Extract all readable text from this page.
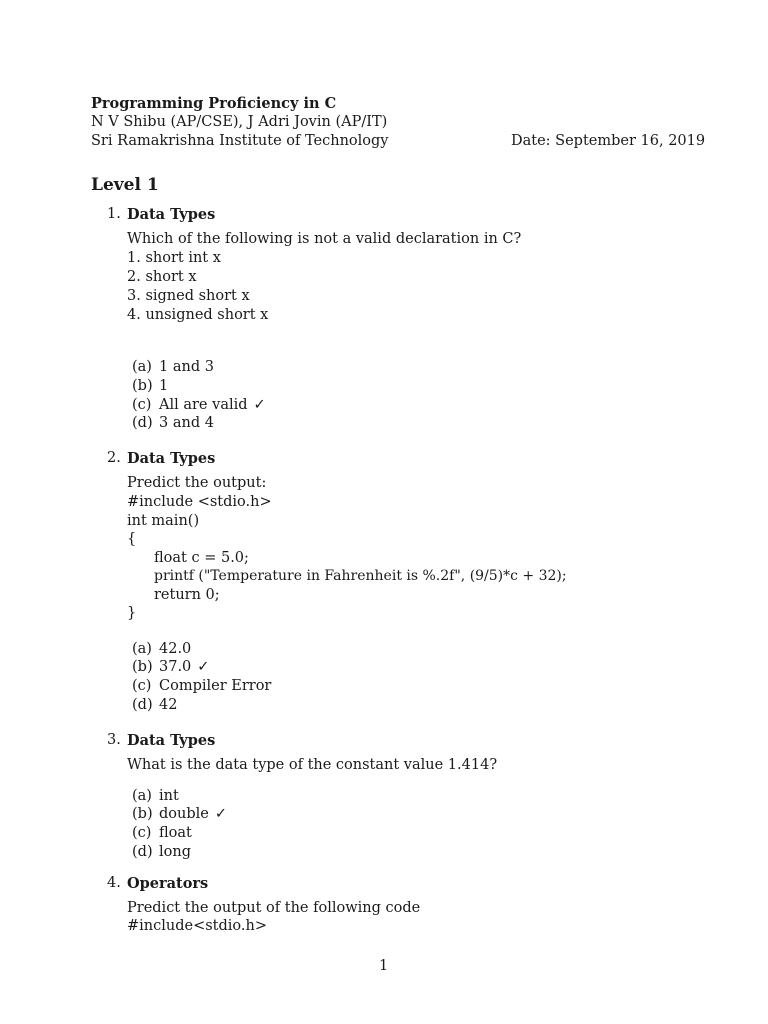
Programming Proficiency in C
N V Shibu (AP/CSE), J Adri Jovin (AP/IT)
Sri Ramakrishna Institute of Technology	Date: September 16, 2019
Level 1
1. Data Types
Which of the following is not a valid declaration in C?
1. short int x
2. short x
3. signed short x
4. unsigned short x
(a) 1 and 3
(b) 1
(c) All are valid ✓
(d) 3 and 4
2. Data Types
Predict the output:
#include <stdio.h>
int main()
{
float c = 5.0;
printf ("Temperature in Fahrenheit is %.2f", (9/5)*c + 32);
return 0;
}
(a) 42.0
(b) 37.0 ✓
(c) Compiler Error
(d) 42
3. Data Types
What is the data type of the constant value 1.414?
(a) int
(b) double ✓
(c) float
(d) long
4. Operators
Predict the output of the following code
#include<stdio.h>
1
